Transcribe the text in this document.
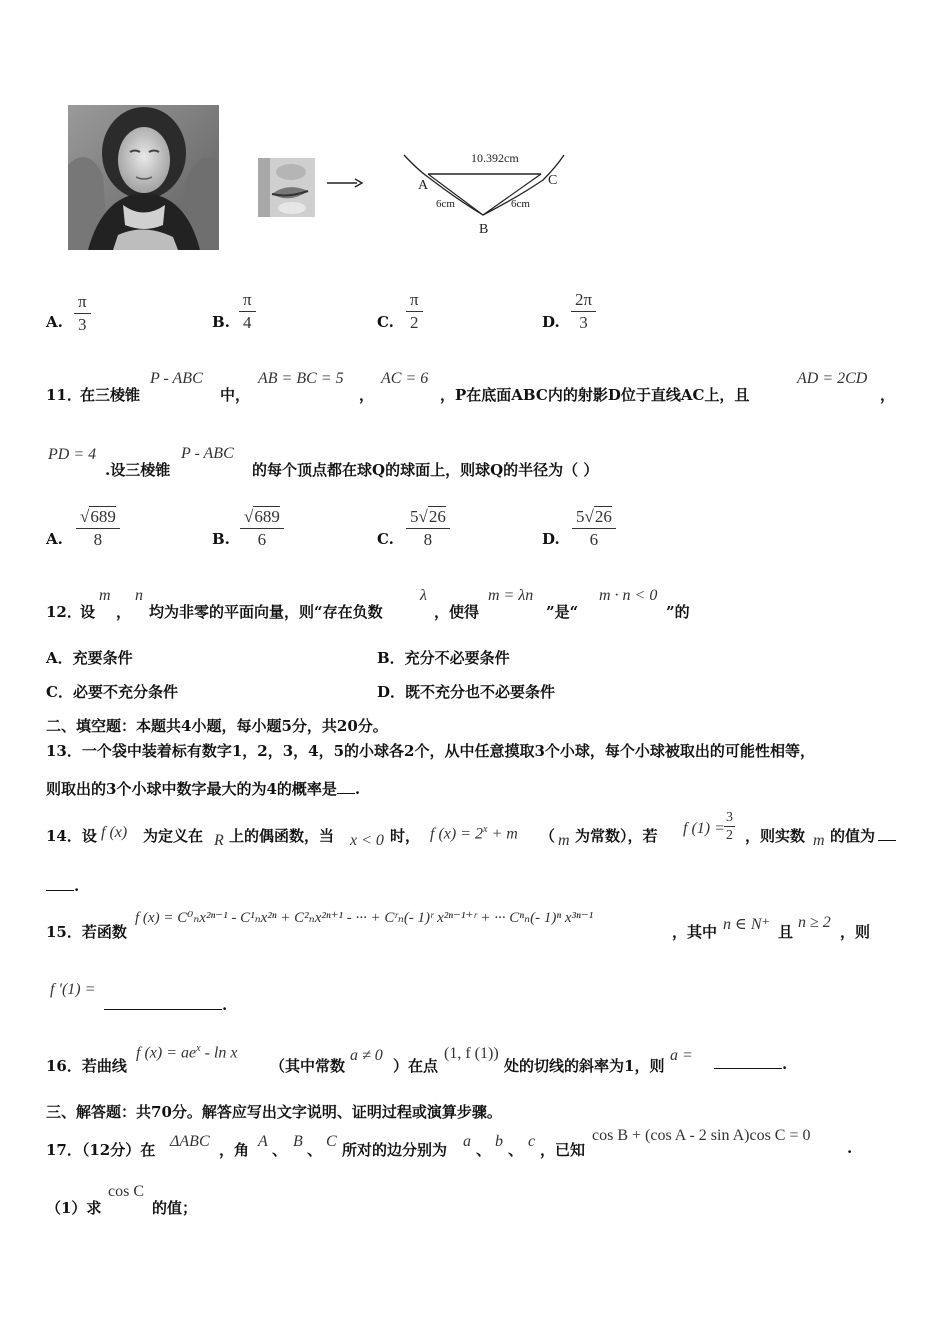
10.392cm
6cm	6cm
A
B
C
A. $\frac{\pi}{3}$	B. $\frac{\pi}{4}$	C. $\frac{\pi}{2}$	D. $\frac{2\pi}{3}$
11．
在三棱锥
P - ABC
中，
AB = BC = 5
，
AC = 6
，P在底面ABC内的射影D位于直线AC上，且
AD = 2CD
，
PD = 4
.设三棱锥
P - ABC
的每个顶点都在球Q的球面上，则球Q的半径为（ ）
A. $\frac{√689}{8}$	B. $\frac{√689}{6}$	C. $\frac{5√26}{8}$	D. $\frac{5√26}{6}$
12．
设
m
，
n
均为非零的平面向量，则“存在负数
λ
，使得
m = λn
”是“
m · n < 0
”的
A．充要条件	B．充分不必要条件
C．必要不充分条件	D．既不充分也不必要条件
二、填空题：本题共4小题，每小题5分，共20分。
13．一个袋中装着标有数字1，2，3，4，5的小球各2个，从中任意摸取3个小球，每个小球被取出的可能性相等，
则取出的3个小球中数字最大的为4的概率是 .
14．设 f (x) 为定义在 R 上的偶函数，当 x < 0 时， f $(x) = 2^x + m$ （ m 为常数），若 f $(1) = \frac{3}{2}$ ，则实数 m 的值为
.
15．若函数
f (x) = C⁰ₙx²ⁿ⁻¹ - C¹ₙx²ⁿ + C²ₙx²ⁿ⁺¹ - ··· + Cʳₙ(- 1)ʳ x²ⁿ⁻¹⁺ʳ + ··· Cⁿₙ(- 1)ⁿ x³ⁿ⁻¹
，其中 n ∈ N⁺ 且
n ≥ 2
，则
f ′(1) =
.
16．若曲线
f $(x) = ae^x - \ln x$
（其中常数
a ≠ 0
）在点
(1, f (1))
处的切线的斜率为1，则
a =	.
三、解答题：共70分。解答应写出文字说明、证明过程或演算步骤。
17．（12分）在 ΔABC ，角 A 、 B 、 C 所对的边分别为 a 、 b 、 c ，已知
cos B + (cos A - 2 sin A)cos C = 0
.
（1）求
cos C
的值；
